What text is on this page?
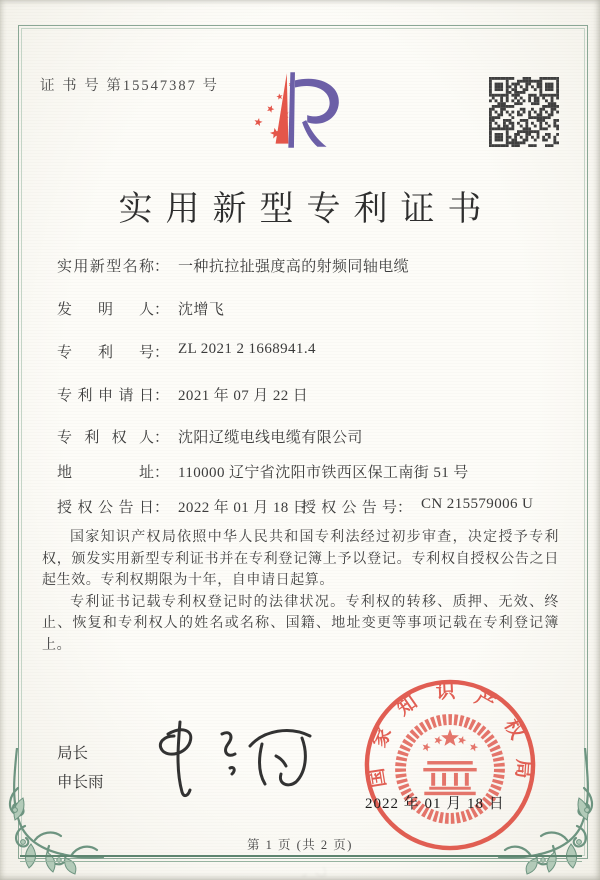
证 书 号 第15547387 号
实用新型专利证书
实用新型名称： 一种抗拉扯强度高的射频同轴电缆
发明人： 沈增飞
专利号： ZL 2021 2 1668941.4
专利申请日： 2021 年 07 月 22 日
专利权人： 沈阳辽缆电线电缆有限公司
地址： 110000 辽宁省沈阳市铁西区保工南街 51 号
授权公告日： 2022 年 01 月 18 日
授权公告号： CN 215579006 U

国家知识产权局依照中华人民共和国专利法经过初步审查，决定授予专利权，颁发实用新型专利证书并在专利登记簿上予以登记。专利权自授权公告之日起生效。专利权期限为十年，自申请日起算。

专利证书记载专利权登记时的法律状况。专利权的转移、质押、无效、终止、恢复和专利权人的姓名或名称、国籍、地址变更等事项记载在专利登记簿上。

局长
申长雨	国家知识产权局
2022 年 01 月 18 日
第 1 页 (共 2 页)
